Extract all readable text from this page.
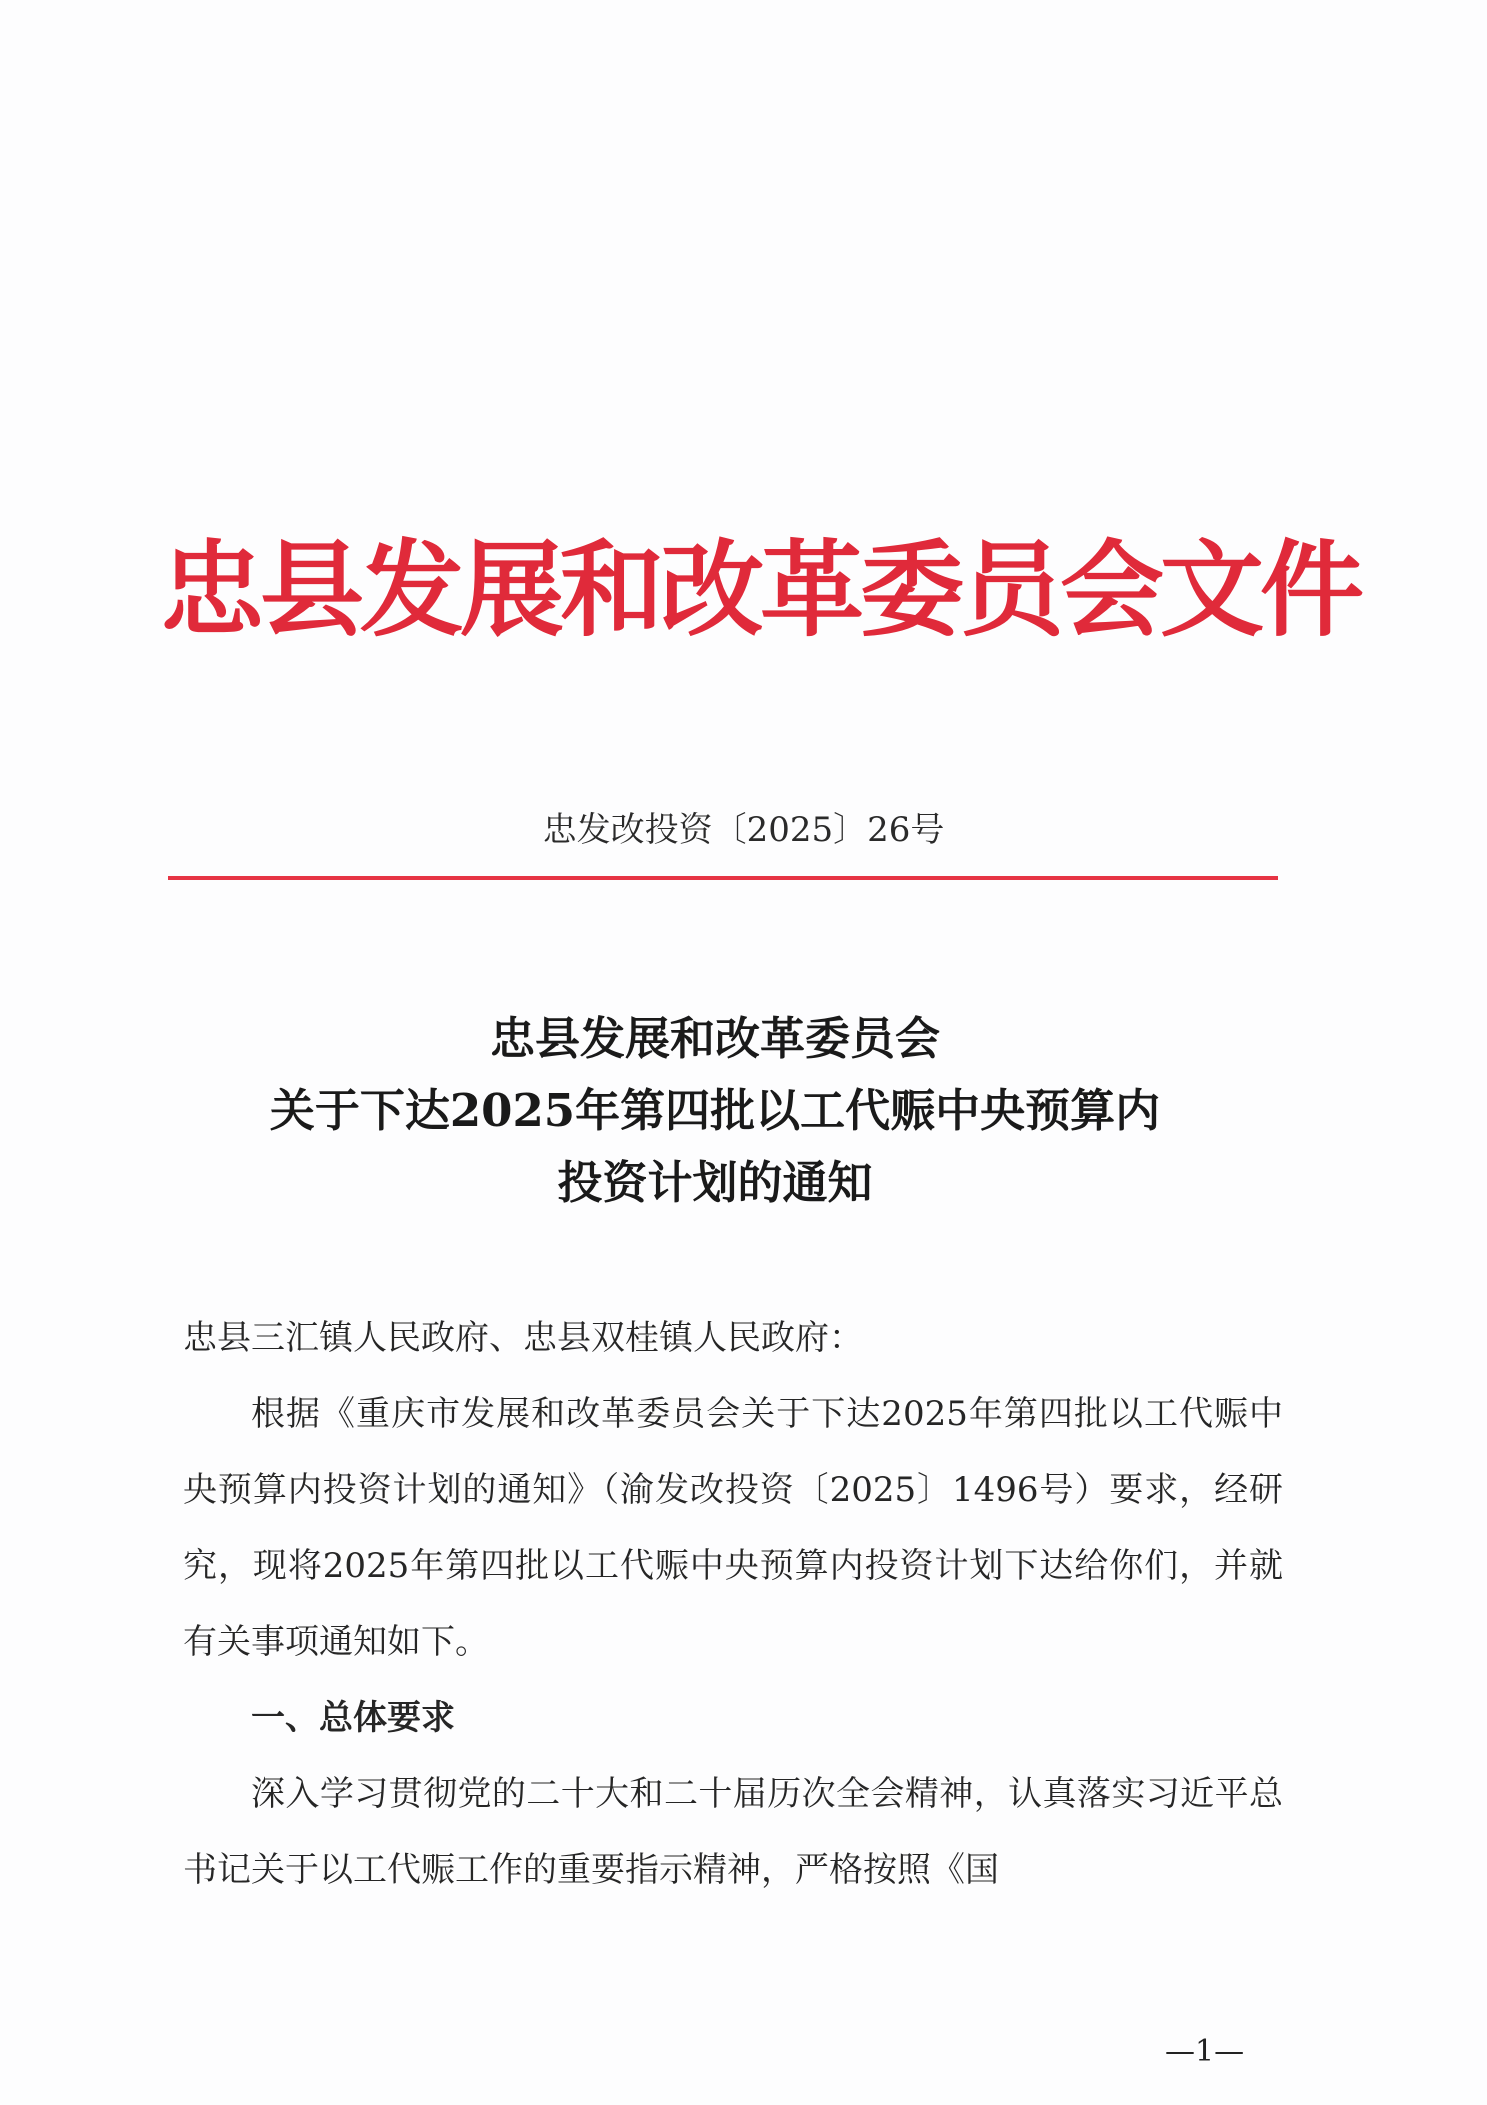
忠县发展和改革委员会文件
忠发改投资〔2025〕26号
忠县发展和改革委员会
关于下达2025年第四批以工代赈中央预算内
投资计划的通知

忠县三汇镇人民政府、忠县双桂镇人民政府：

根据《重庆市发展和改革委员会关于下达2025年第四批以工代赈中央预算内投资计划的通知》（渝发改投资〔2025〕1496号）要求，经研究，现将2025年第四批以工代赈中央预算内投资计划下达给你们，并就有关事项通知如下。

一、总体要求

深入学习贯彻党的二十大和二十届历次全会精神，认真落实习近平总书记关于以工代赈工作的重要指示精神，严格按照《国

—1—
